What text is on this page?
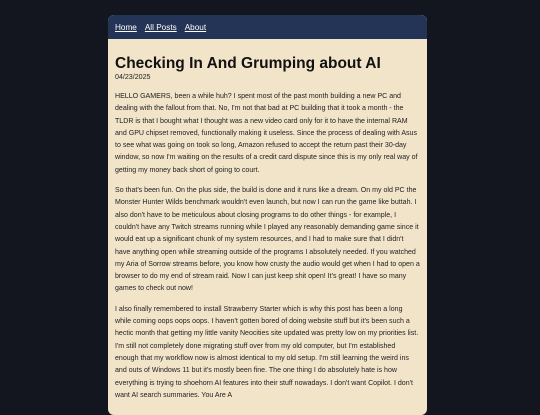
Home All Posts About
Checking In And Grumping about AI
04/23/2025

HELLO GAMERS, been a while huh? I spent most of the past month building a new PC and dealing with the fallout from that. No, I'm not that bad at PC building that it took a month - the TLDR is that I bought what I thought was a new video card only for it to have the internal RAM and GPU chipset removed, functionally making it useless. Since the process of dealing with Asus to see what was going on took so long, Amazon refused to accept the return past their 30-day window, so now I'm waiting on the results of a credit card dispute since this is my only real way of getting my money back short of going to court.

So that's been fun. On the plus side, the build is done and it runs like a dream. On my old PC the Monster Hunter Wilds benchmark wouldn't even launch, but now I can run the game like buttah. I also don't have to be meticulous about closing programs to do other things - for example, I couldn't have any Twitch streams running while I played any reasonably demanding game since it would eat up a significant chunk of my system resources, and I had to make sure that I didn't have anything open while streaming outside of the programs I absolutely needed. If you watched my Aria of Sorrow streams before, you know how crusty the audio would get when I had to open a browser to do my end of stream raid. Now I can just keep shit open! It's great! I have so many games to check out now!

I also finally remembered to install Strawberry Starter which is why this post has been a long while coming oops oops oops. I haven't gotten bored of doing website stuff but it's been such a hectic month that getting my little vanity Neocities site updated was pretty low on my priorities list. I'm still not completely done migrating stuff over from my old computer, but I'm established enough that my workflow now is almost identical to my old setup. I'm still learning the weird ins and outs of Windows 11 but it's mostly been fine. The one thing I do absolutely hate is how everything is trying to shoehorn AI features into their stuff nowadays. I don't want Copilot. I don't want AI search summaries. You Are A
